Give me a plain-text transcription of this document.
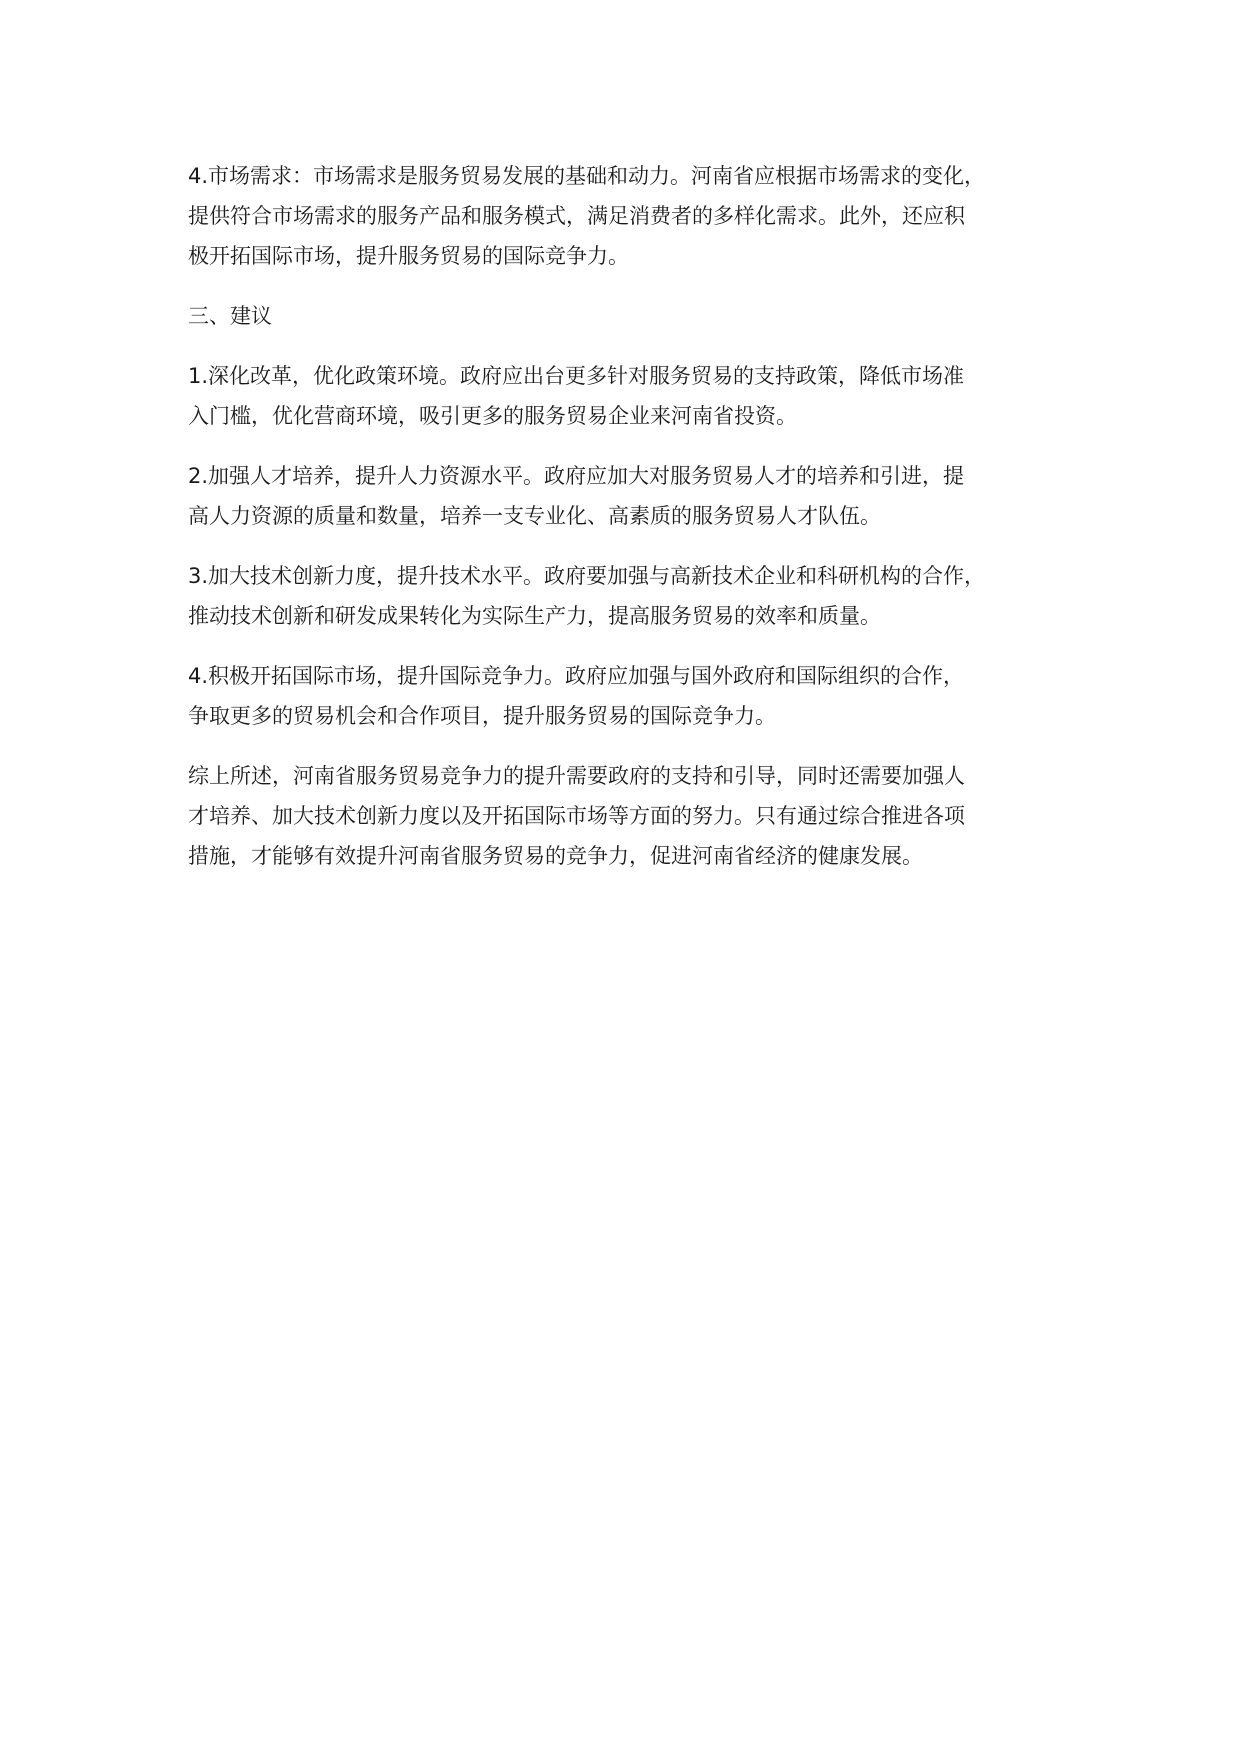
4.市场需求：市场需求是服务贸易发展的基础和动力。河南省应根据市场需求的变化，
提供符合市场需求的服务产品和服务模式，满足消费者的多样化需求。此外，还应积
极开拓国际市场，提升服务贸易的国际竞争力。

三、建议

1.深化改革，优化政策环境。政府应出台更多针对服务贸易的支持政策，降低市场准
入门槛，优化营商环境，吸引更多的服务贸易企业来河南省投资。

2.加强人才培养，提升人力资源水平。政府应加大对服务贸易人才的培养和引进，提
高人力资源的质量和数量，培养一支专业化、高素质的服务贸易人才队伍。

3.加大技术创新力度，提升技术水平。政府要加强与高新技术企业和科研机构的合作，
推动技术创新和研发成果转化为实际生产力，提高服务贸易的效率和质量。

4.积极开拓国际市场，提升国际竞争力。政府应加强与国外政府和国际组织的合作，
争取更多的贸易机会和合作项目，提升服务贸易的国际竞争力。

综上所述，河南省服务贸易竞争力的提升需要政府的支持和引导，同时还需要加强人
才培养、加大技术创新力度以及开拓国际市场等方面的努力。只有通过综合推进各项
措施，才能够有效提升河南省服务贸易的竞争力，促进河南省经济的健康发展。
